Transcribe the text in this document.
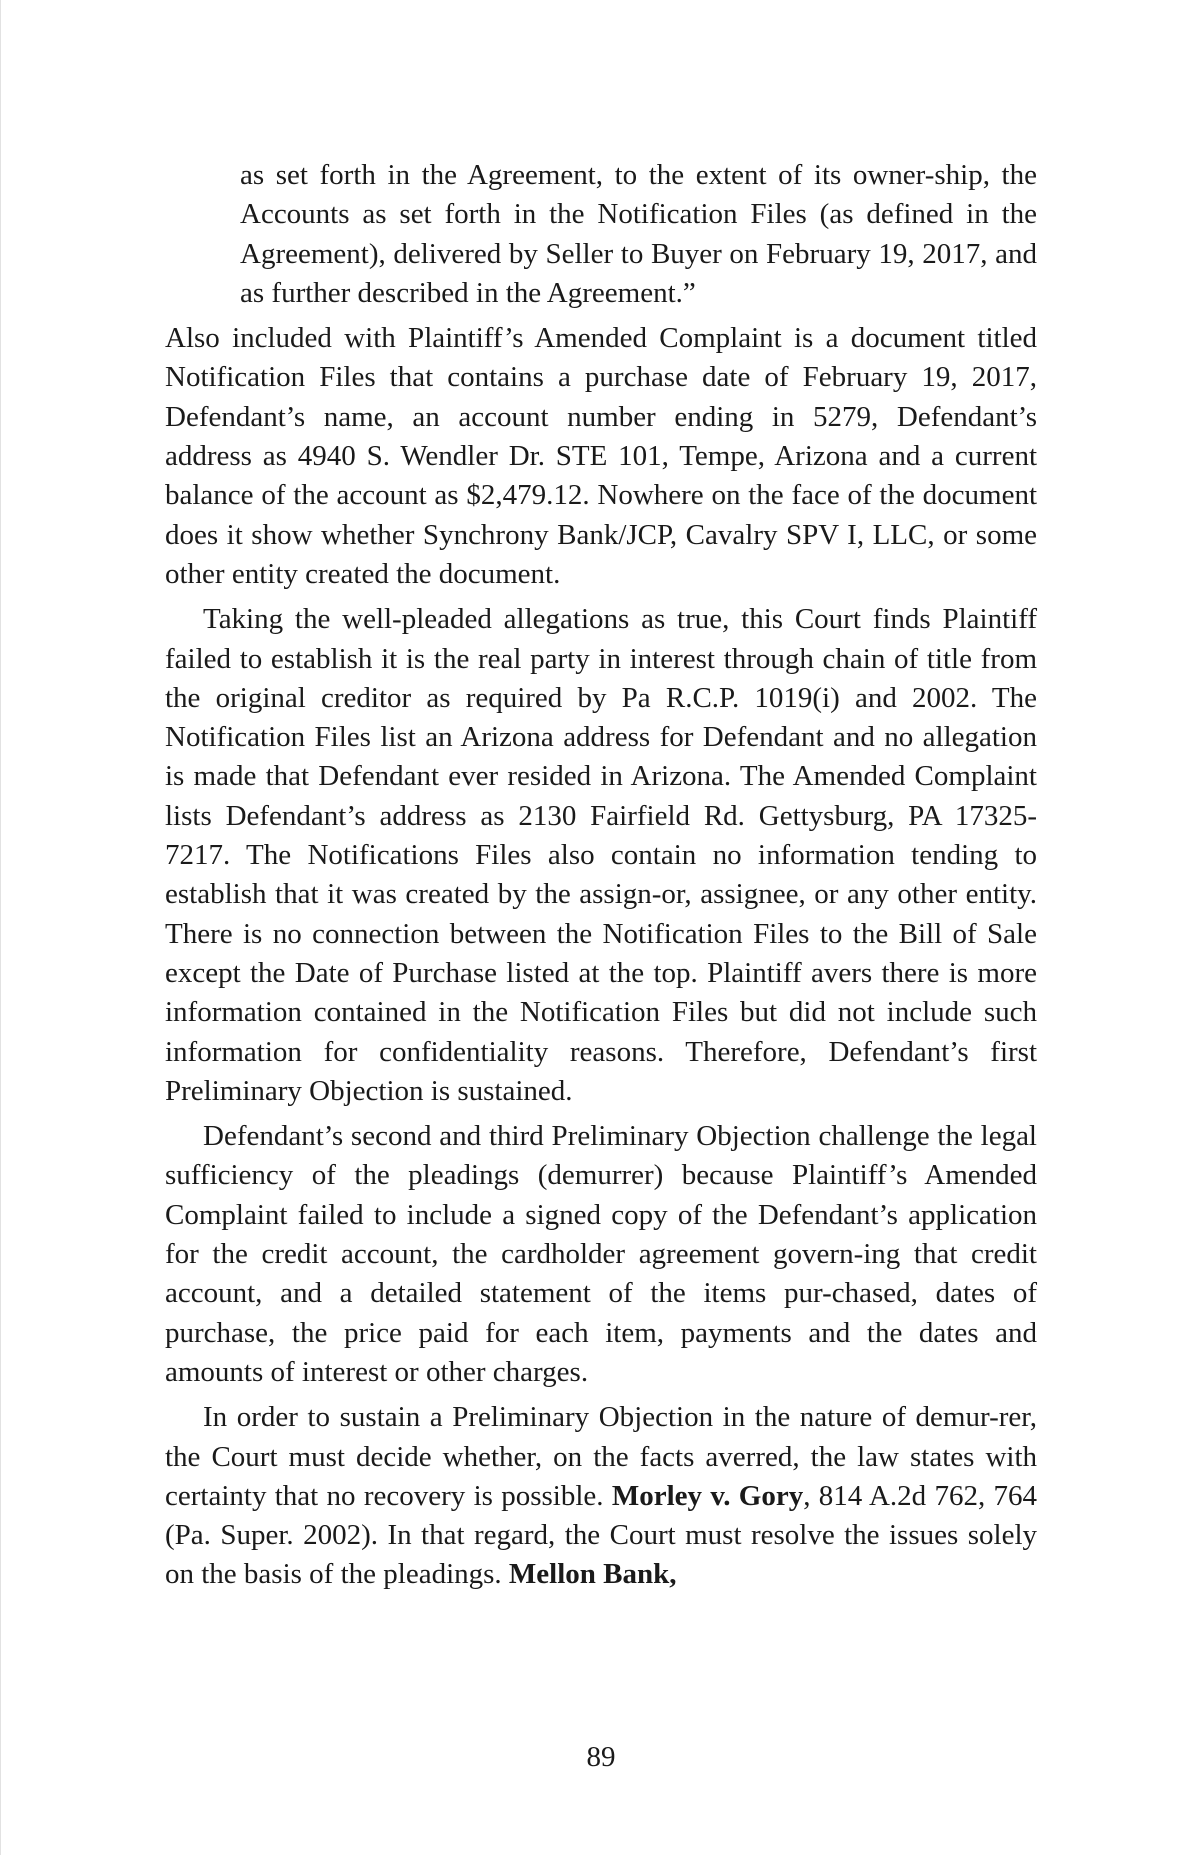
as set forth in the Agreement, to the extent of its owner-ship, the Accounts as set forth in the Notification Files (as defined in the Agreement), delivered by Seller to Buyer on February 19, 2017, and as further described in the Agreement.”

Also included with Plaintiff’s Amended Complaint is a document titled Notification Files that contains a purchase date of February 19, 2017, Defendant’s name, an account number ending in 5279, Defendant’s address as 4940 S. Wendler Dr. STE 101, Tempe, Arizona and a current balance of the account as $2,479.12. Nowhere on the face of the document does it show whether Synchrony Bank/JCP, Cavalry SPV I, LLC, or some other entity created the document.

Taking the well-pleaded allegations as true, this Court finds Plaintiff failed to establish it is the real party in interest through chain of title from the original creditor as required by Pa R.C.P. 1019(i) and 2002. The Notification Files list an Arizona address for Defendant and no allegation is made that Defendant ever resided in Arizona. The Amended Complaint lists Defendant’s address as 2130 Fairfield Rd. Gettysburg, PA 17325-7217. The Notifications Files also contain no information tending to establish that it was created by the assign-or, assignee, or any other entity. There is no connection between the Notification Files to the Bill of Sale except the Date of Purchase listed at the top. Plaintiff avers there is more information contained in the Notification Files but did not include such information for confidentiality reasons. Therefore, Defendant’s first Preliminary Objection is sustained.

Defendant’s second and third Preliminary Objection challenge the legal sufficiency of the pleadings (demurrer) because Plaintiff’s Amended Complaint failed to include a signed copy of the Defendant’s application for the credit account, the cardholder agreement govern-ing that credit account, and a detailed statement of the items pur-chased, dates of purchase, the price paid for each item, payments and the dates and amounts of interest or other charges.

In order to sustain a Preliminary Objection in the nature of demur-rer, the Court must decide whether, on the facts averred, the law states with certainty that no recovery is possible. Morley v. Gory, 814 A.2d 762, 764 (Pa. Super. 2002). In that regard, the Court must resolve the issues solely on the basis of the pleadings. Mellon Bank,

89
